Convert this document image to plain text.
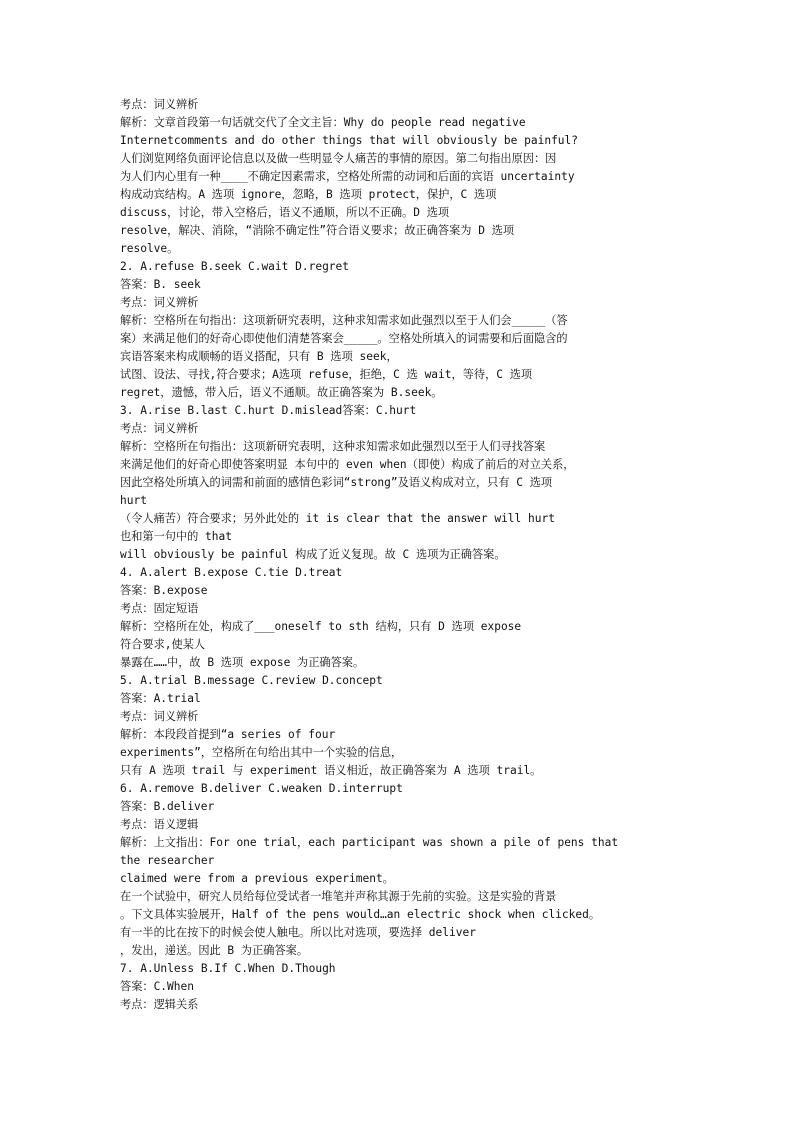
考点：词义辨析
解析：文章首段第一句话就交代了全文主旨：Why do people read negative
Internetcomments and do other things that will obviously be painful?
人们浏览网络负面评论信息以及做一些明显令人痛苦的事情的原因。第二句指出原因：因
为人们内心里有一种____不确定因素需求，空格处所需的动词和后面的宾语 uncertainty
构成动宾结构。A 选项 ignore，忽略，B 选项 protect，保护，C 选项
discuss，讨论，带入空格后，语义不通顺，所以不正确。D 选项
resolve，解决、消除，“消除不确定性”符合语义要求；故正确答案为 D 选项
resolve。
2. A.refuse B.seek C.wait D.regret
答案：B. seek
考点：词义辨析
解析：空格所在句指出：这项新研究表明，这种求知需求如此强烈以至于人们会_____（答
案）来满足他们的好奇心即使他们清楚答案会_____。空格处所填入的词需要和后面隐含的
宾语答案来构成顺畅的语义搭配，只有 B 选项 seek，
试图、设法、寻找,符合要求；A选项 refuse，拒绝，C 选 wait，等待，C 选项
regret，遗憾，带入后，语义不通顺。故正确答案为 B.seek。
3. A.rise B.last C.hurt D.mislead答案：C.hurt
考点：词义辨析
解析：空格所在句指出：这项新研究表明，这种求知需求如此强烈以至于人们寻找答案
来满足他们的好奇心即使答案明显 本句中的 even when（即使）构成了前后的对立关系，
因此空格处所填入的词需和前面的感情色彩词“strong”及语义构成对立，只有 C 选项
hurt
（令人痛苦）符合要求；另外此处的 it is clear that the answer will hurt
也和第一句中的 that
will obviously be painful 构成了近义复现。故 C 选项为正确答案。
4. A.alert B.expose C.tie D.treat
答案：B.expose
考点：固定短语
解析：空格所在处，构成了___oneself to sth 结构，只有 D 选项 expose
符合要求,使某人
暴露在……中，故 B 选项 expose 为正确答案。
5. A.trial B.message C.review D.concept
答案：A.trial
考点：词义辨析
解析：本段段首提到“a series of four
experiments”，空格所在句给出其中一个实验的信息，
只有 A 选项 trail 与 experiment 语义相近，故正确答案为 A 选项 trail。
6. A.remove B.deliver C.weaken D.interrupt
答案：B.deliver
考点：语义逻辑
解析：上文指出：For one trial，each participant was shown a pile of pens that
the researcher
claimed were from a previous experiment。
在一个试验中，研究人员给每位受试者一堆笔并声称其源于先前的实验。这是实验的背景
。下文具体实验展开，Half of the pens would…an electric shock when clicked。
有一半的比在按下的时候会使人触电。所以比对选项，要选择 deliver
，发出，递送。因此 B 为正确答案。
7. A.Unless B.If C.When D.Though
答案：C.When
考点：逻辑关系
